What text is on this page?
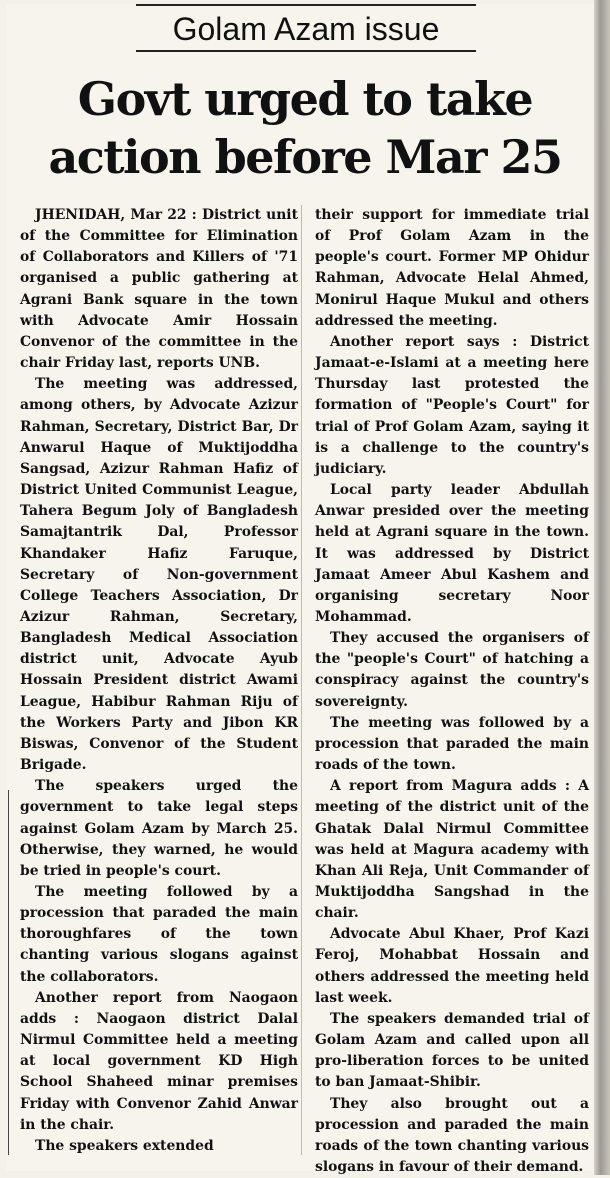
Golam Azam issue
Govt urged to take action before Mar 25

JHENIDAH, Mar 22 : District unit of the Committee for Elimination of Collaborators and Killers of '71 organised a public gathering at Agrani Bank square in the town with Advocate Amir Hossain Convenor of the committee in the chair Friday last, reports UNB.

The meeting was addressed, among others, by Advocate Azizur Rahman, Secretary, District Bar, Dr Anwarul Haque of Muktijoddha Sangsad, Azizur Rahman Hafiz of District United Communist League, Tahera Begum Joly of Bangladesh Samajtantrik Dal, Professor Khandaker Hafiz Faruque, Secretary of Non-government College Teachers Association, Dr Azizur Rahman, Secretary, Bangladesh Medical Association district unit, Advocate Ayub Hossain President district Awami League, Habibur Rahman Riju of the Workers Party and Jibon KR Biswas, Convenor of the Student Brigade.

The speakers urged the government to take legal steps against Golam Azam by March 25. Otherwise, they warned, he would be tried in people's court.

The meeting followed by a procession that paraded the main thoroughfares of the town chanting various slogans against the collaborators.

Another report from Naogaon adds : Naogaon district Dalal Nirmul Committee held a meeting at local government KD High School Shaheed minar premises Friday with Convenor Zahid Anwar in the chair.

The speakers extended

their support for immediate trial of Prof Golam Azam in the people's court. Former MP Ohidur Rahman, Advocate Helal Ahmed, Monirul Haque Mukul and others addressed the meeting.

Another report says : District Jamaat-e-Islami at a meeting here Thursday last protested the formation of "People's Court" for trial of Prof Golam Azam, saying it is a challenge to the country's judiciary.

Local party leader Abdullah Anwar presided over the meeting held at Agrani square in the town. It was addressed by District Jamaat Ameer Abul Kashem and organising secretary Noor Mohammad.

They accused the organisers of the "people's Court" of hatching a conspiracy against the country's sovereignty.

The meeting was followed by a procession that paraded the main roads of the town.

A report from Magura adds : A meeting of the district unit of the Ghatak Dalal Nirmul Committee was held at Magura academy with Khan Ali Reja, Unit Commander of Muktijoddha Sangshad in the chair.

Advocate Abul Khaer, Prof Kazi Feroj, Mohabbat Hossain and others addressed the meeting held last week.

The speakers demanded trial of Golam Azam and called upon all pro-liberation forces to be united to ban Jamaat-Shibir.

They also brought out a procession and paraded the main roads of the town chanting various slogans in favour of their demand.
